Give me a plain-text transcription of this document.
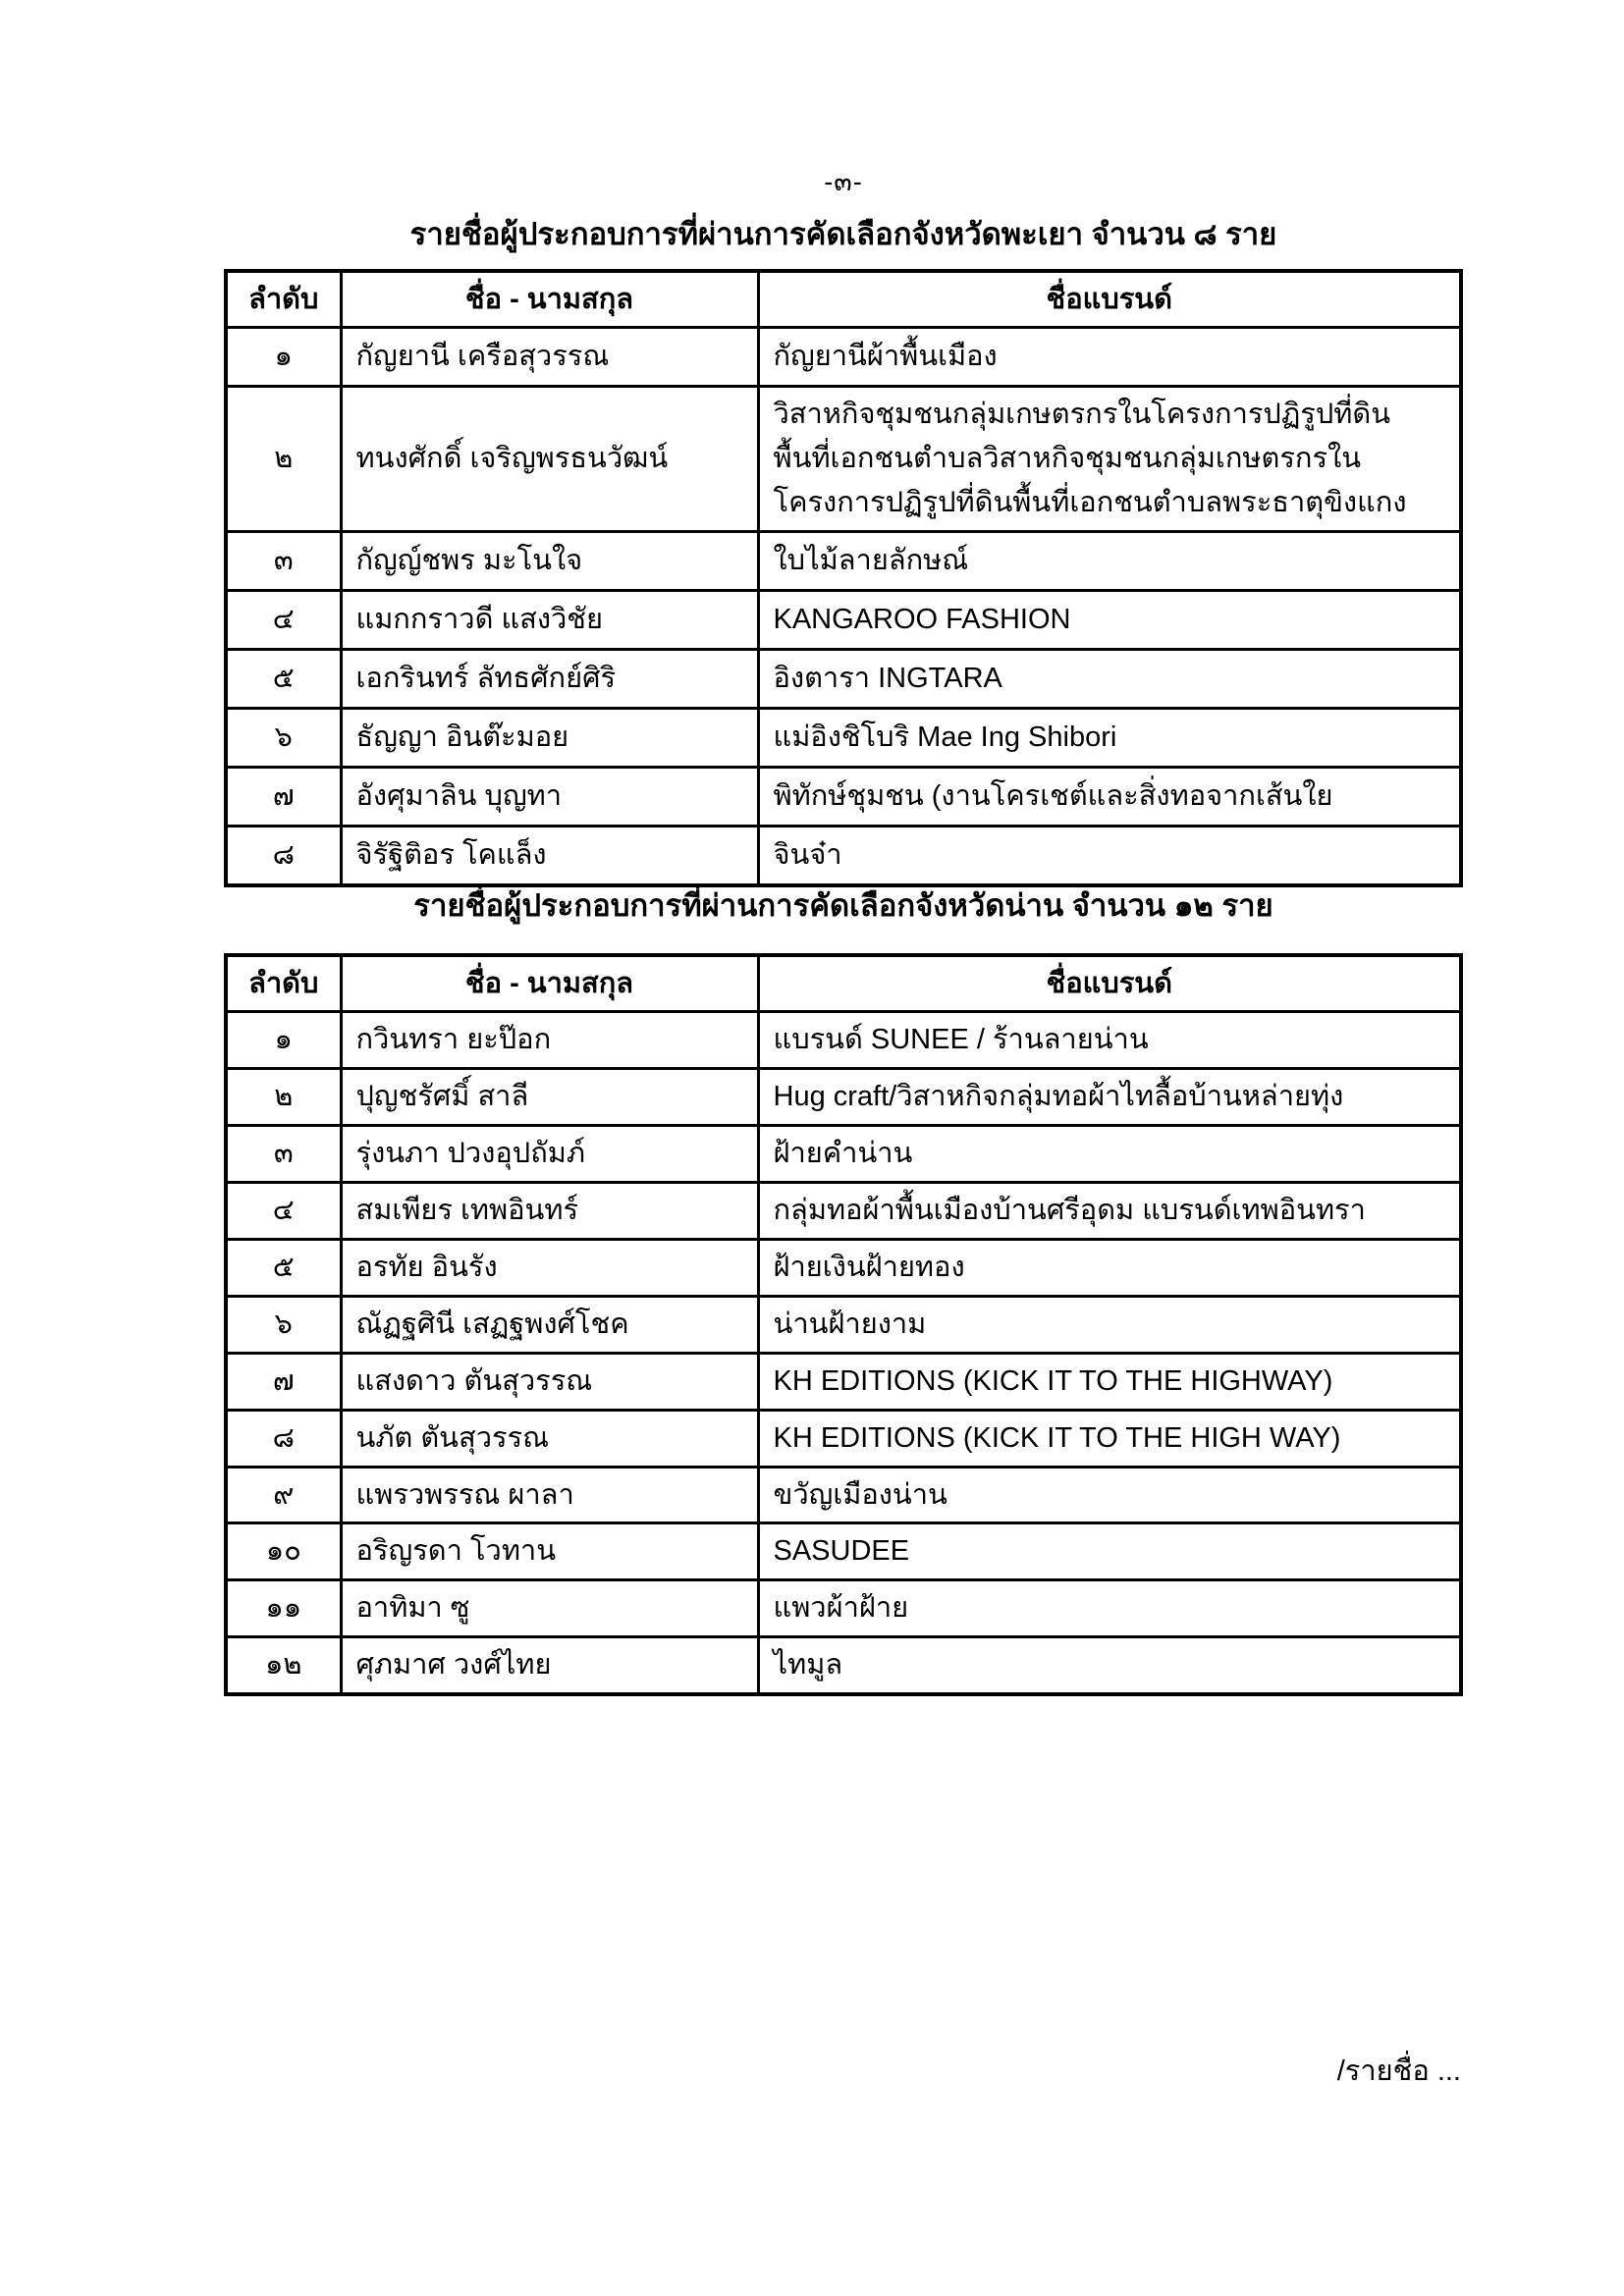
-๓-
รายชื่อผู้ประกอบการที่ผ่านการคัดเลือกจังหวัดพะเยา จำนวน ๘ ราย
ลำดับ	ชื่อ - นามสกุล	ชื่อแบรนด์
๑	กัญยานี เครือสุวรรณ	กัญยานีผ้าพื้นเมือง
๒	ทนงศักดิ์ เจริญพรธนวัฒน์	วิสาหกิจชุมชนกลุ่มเกษตรกรในโครงการปฏิรูปที่ดินพื้นที่เอกชนตำบลวิสาหกิจชุมชนกลุ่มเกษตรกรในโครงการปฏิรูปที่ดินพื้นที่เอกชนตำบลพระธาตุขิงแกง
๓	กัญญ์ชพร มะโนใจ	ใบไม้ลายลักษณ์
๔	แมกกราวดี แสงวิชัย	KANGAROO FASHION
๕	เอกรินทร์ ลัทธศักย์ศิริ	อิงตารา INGTARA
๖	ธัญญา อินต๊ะมอย	แม่อิงชิโบริ Mae Ing Shibori
๗	อังศุมาลิน บุญทา	พิทักษ์ชุมชน (งานโครเชต์และสิ่งทอจากเส้นใย
๘	จิรัฐิติอร โคแล็ง	จินจ๋า
รายชื่อผู้ประกอบการที่ผ่านการคัดเลือกจังหวัดน่าน จำนวน ๑๒ ราย
ลำดับ	ชื่อ - นามสกุล	ชื่อแบรนด์
๑	กวินทรา ยะป๊อก	แบรนด์ SUNEE / ร้านลายน่าน
๒	ปุญชรัศมิ์ สาลี	Hug craft/วิสาหกิจกลุ่มทอผ้าไทลื้อบ้านหล่ายทุ่ง
๓	รุ่งนภา ปวงอุปถัมภ์	ฝ้ายคำน่าน
๔	สมเพียร เทพอินทร์	กลุ่มทอผ้าพื้นเมืองบ้านศรีอุดม แบรนด์เทพอินทรา
๕	อรทัย อินรัง	ฝ้ายเงินฝ้ายทอง
๖	ณัฏฐศินี เสฏฐพงศ์โชค	น่านฝ้ายงาม
๗	แสงดาว ตันสุวรรณ	KH EDITIONS (KICK IT TO THE HIGHWAY)
๘	นภัต ตันสุวรรณ	KH EDITIONS (KICK IT TO THE HIGH WAY)
๙	แพรวพรรณ ผาลา	ขวัญเมืองน่าน
๑๐	อริญรดา โวทาน	SASUDEE
๑๑	อาทิมา ซู	แพวผ้าฝ้าย
๑๒	ศุภมาศ วงศ์ไทย	ไทมูล
/รายชื่อ ...
